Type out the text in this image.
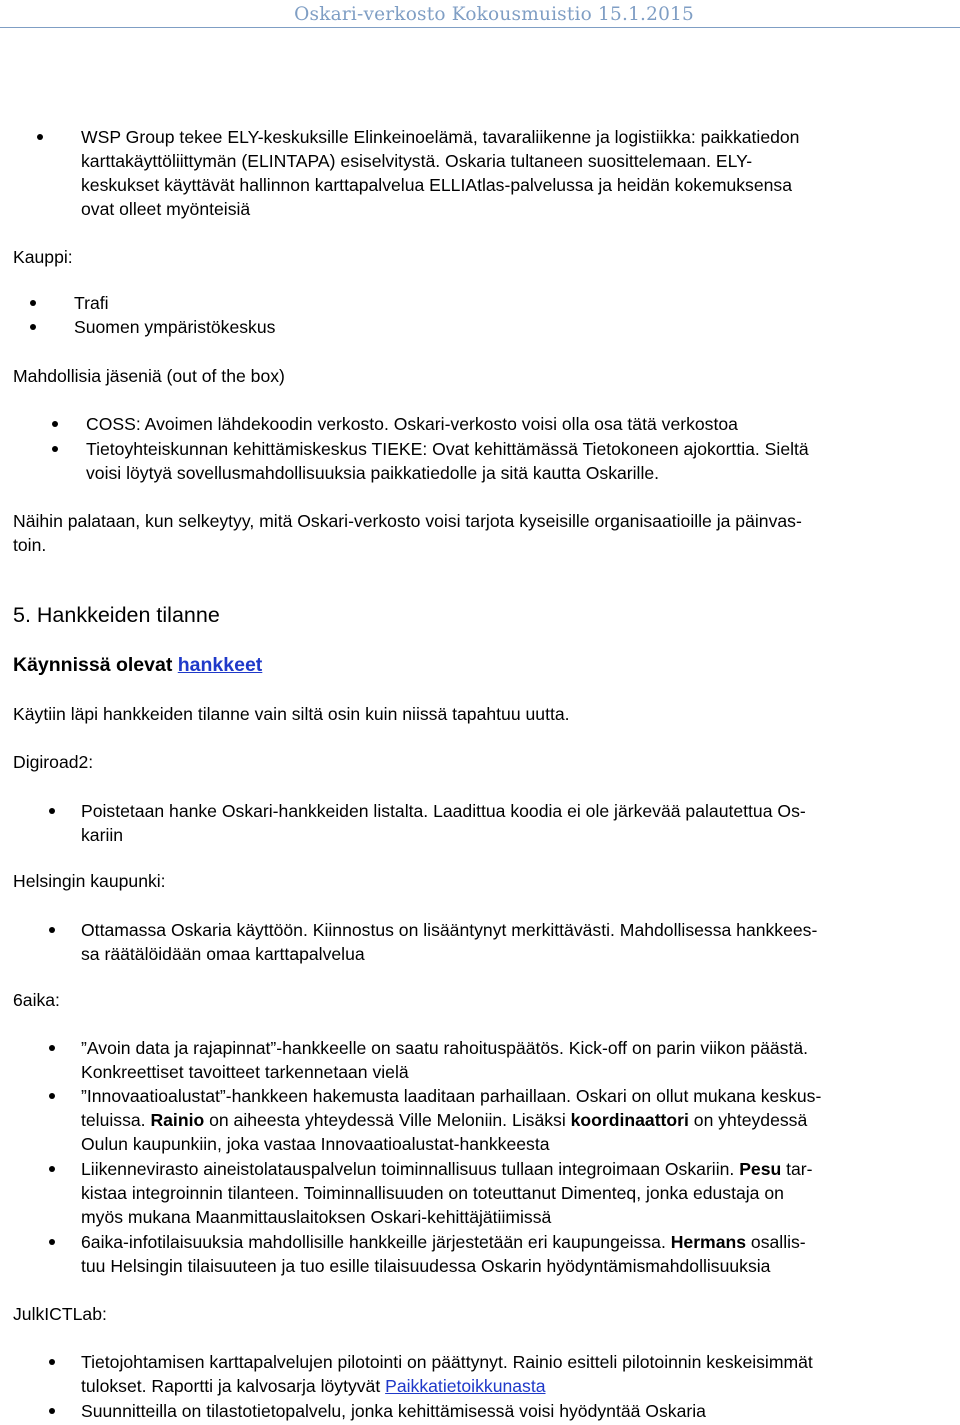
Oskari-verkosto Kokousmuistio 15.1.2015
WSP Group tekee ELY-keskuksille Elinkeinoelämä, tavaraliikenne ja logistiikka: paikkatiedon
karttakäyttöliittymän (ELINTAPA) esiselvitystä. Oskaria tultaneen suosittelemaan. ELY-
keskukset käyttävät hallinnon karttapalvelua ELLIAtlas-palvelussa ja heidän kokemuksensa
ovat olleet myönteisiä
Kauppi:
Trafi
Suomen ympäristökeskus
Mahdollisia jäseniä (out of the box)
COSS: Avoimen lähdekoodin verkosto. Oskari-verkosto voisi olla osa tätä verkostoa
Tietoyhteiskunnan kehittämiskeskus TIEKE: Ovat kehittämässä Tietokoneen ajokorttia. Sieltä
voisi löytyä sovellusmahdollisuuksia paikkatiedolle ja sitä kautta Oskarille.
Näihin palataan, kun selkeytyy, mitä Oskari-verkosto voisi tarjota kyseisille organisaatioille ja päinvas-
toin.
5. Hankkeiden tilanne
Käynnissä olevat hankkeet
Käytiin läpi hankkeiden tilanne vain siltä osin kuin niissä tapahtuu uutta.
Digiroad2:
Poistetaan hanke Oskari-hankkeiden listalta. Laadittua koodia ei ole järkevää palautettua Os-
kariin
Helsingin kaupunki:
Ottamassa Oskaria käyttöön. Kiinnostus on lisääntynyt merkittävästi. Mahdollisessa hankkees-
sa räätälöidään omaa karttapalvelua
6aika:
”Avoin data ja rajapinnat”-hankkeelle on saatu rahoituspäätös. Kick-off on parin viikon päästä.
Konkreettiset tavoitteet tarkennetaan vielä
”Innovaatioalustat”-hankkeen hakemusta laaditaan parhaillaan. Oskari on ollut mukana keskus-
teluissa. Rainio on aiheesta yhteydessä Ville Meloniin. Lisäksi koordinaattori on yhteydessä
Oulun kaupunkiin, joka vastaa Innovaatioalustat-hankkeesta
Liikennevirasto aineistolatauspalvelun toiminnallisuus tullaan integroimaan Oskariin. Pesu tar-
kistaa integroinnin tilanteen. Toiminnallisuuden on toteuttanut Dimenteq, jonka edustaja on
myös mukana Maanmittauslaitoksen Oskari-kehittäjätiimissä
6aika-infotilaisuuksia mahdollisille hankkeille järjestetään eri kaupungeissa. Hermans osallis-
tuu Helsingin tilaisuuteen ja tuo esille tilaisuudessa Oskarin hyödyntämismahdollisuuksia
JulkICTLab:
Tietojohtamisen karttapalvelujen pilotointi on päättynyt. Rainio esitteli pilotoinnin keskeisimmät
tulokset. Raportti ja kalvosarja löytyvät Paikkatietoikkunasta
Suunnitteilla on tilastotietopalvelu, jonka kehittämisessä voisi hyödyntää Oskaria
